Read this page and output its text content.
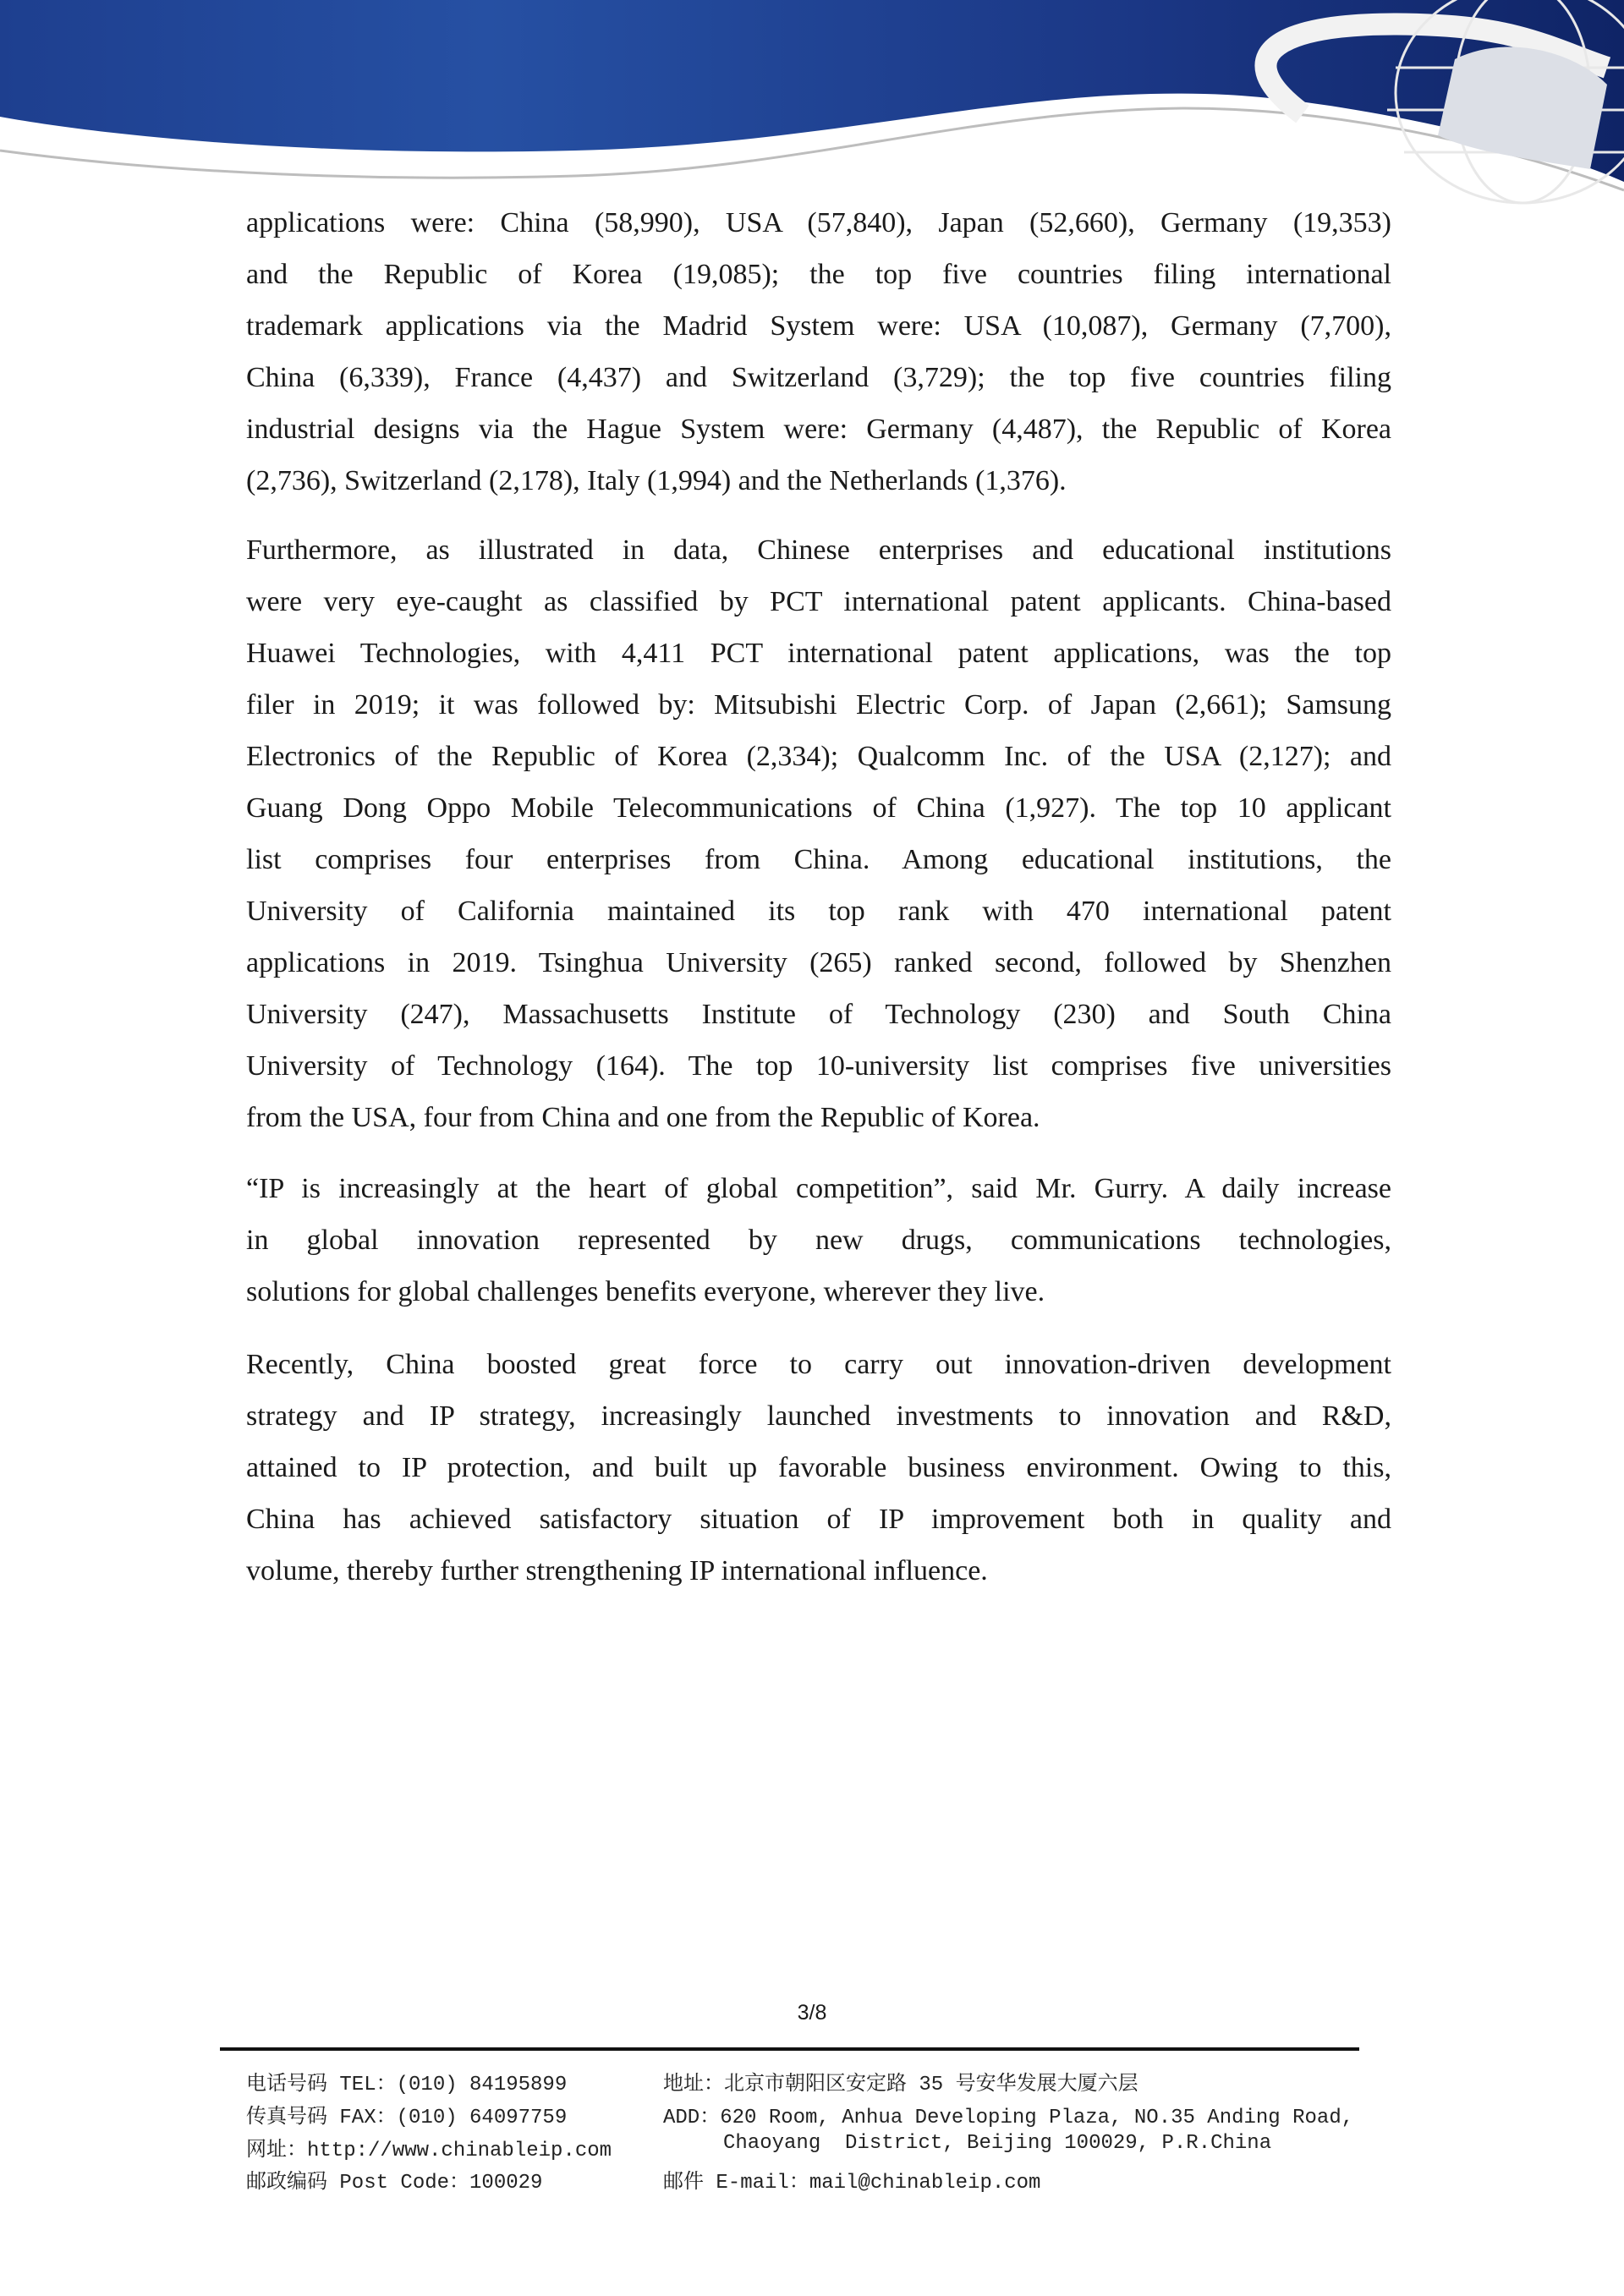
applications were: China (58,990), USA (57,840), Japan (52,660), Germany (19,353)
and the Republic of Korea (19,085); the top five countries filing international
trademark applications via the Madrid System were: USA (10,087), Germany (7,700),
China (6,339), France (4,437) and Switzerland (3,729); the top five countries filing
industrial designs via the Hague System were: Germany (4,487), the Republic of Korea
(2,736), Switzerland (2,178), Italy (1,994) and the Netherlands (1,376).
Furthermore, as illustrated in data, Chinese enterprises and educational institutions
were very eye-caught as classified by PCT international patent applicants. China-based
Huawei Technologies, with 4,411 PCT international patent applications, was the top
filer in 2019; it was followed by: Mitsubishi Electric Corp. of Japan (2,661); Samsung
Electronics of the Republic of Korea (2,334); Qualcomm Inc. of the USA (2,127); and
Guang Dong Oppo Mobile Telecommunications of China (1,927). The top 10 applicant
list comprises four enterprises from China. Among educational institutions, the
University of California maintained its top rank with 470 international patent
applications in 2019. Tsinghua University (265) ranked second, followed by Shenzhen
University (247), Massachusetts Institute of Technology (230) and South China
University of Technology (164). The top 10-university list comprises five universities
from the USA, four from China and one from the Republic of Korea.
“IP is increasingly at the heart of global competition”, said Mr. Gurry. A daily increase
in global innovation represented by new drugs, communications technologies,
solutions for global challenges benefits everyone, wherever they live.
Recently, China boosted great force to carry out innovation-driven development
strategy and IP strategy, increasingly launched investments to innovation and R&D,
attained to IP protection, and built up favorable business environment. Owing to this,
China has achieved satisfactory situation of IP improvement both in quality and
volume, thereby further strengthening IP international influence.
3/8
电话号码 TEL：(010) 84195899
传真号码 FAX：(010) 64097759
网址：http://www.chinableip.com
邮政编码 Post Code：100029
地址：北京市朝阳区安定路 35 号安华发展大厦六层
ADD：620 Room, Anhua Developing Plaza, NO.35 Anding Road,
Chaoyang  District, Beijing 100029, P.R.China
邮件 E-mail：mail@chinableip.com
